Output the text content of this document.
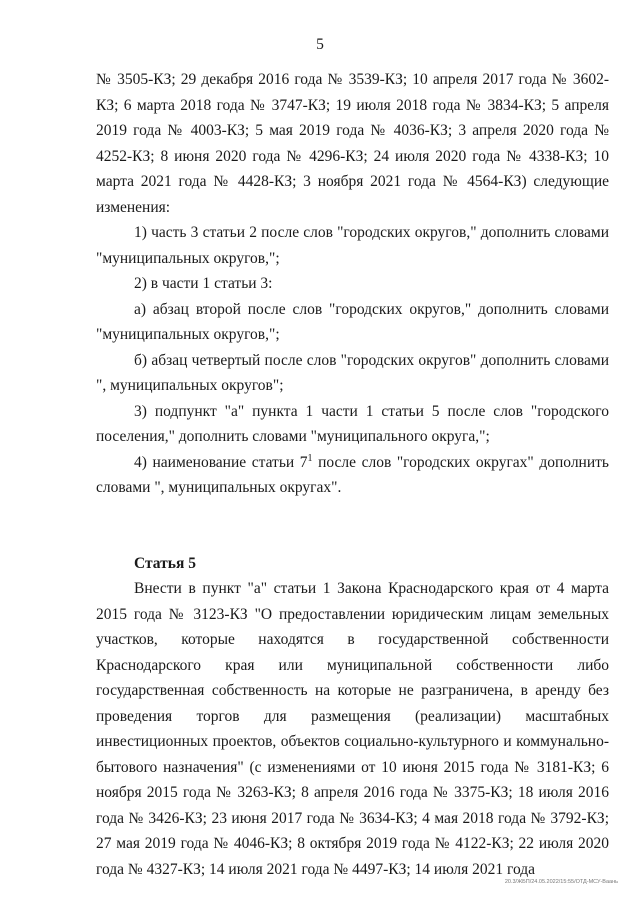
5

№ 3505-КЗ; 29 декабря 2016 года № 3539-КЗ; 10 апреля 2017 года № 3602-КЗ; 6 марта 2018 года № 3747-КЗ; 19 июля 2018 года № 3834-КЗ; 5 апреля 2019 года № 4003-КЗ; 5 мая 2019 года № 4036-КЗ; 3 апреля 2020 года № 4252-КЗ; 8 июня 2020 года № 4296-КЗ; 24 июля 2020 года № 4338-КЗ; 10 марта 2021 года № 4428-КЗ; 3 ноября 2021 года № 4564-КЗ) следующие изменения:

1) часть 3 статьи 2 после слов "городских округов," дополнить словами "муниципальных округов,";

2) в части 1 статьи 3:

а) абзац второй после слов "городских округов," дополнить словами "муниципальных округов,";

б) абзац четвертый после слов "городских округов" дополнить словами ", муниципальных округов";

3) подпункт "а" пункта 1 части 1 статьи 5 после слов "городского поселения," дополнить словами "муниципального округа,";

4) наименование статьи $7^1$ после слов "городских округах" дополнить словами ", муниципальных округах".

Статья 5

Внести в пункт "а" статьи 1 Закона Краснодарского края от 4 марта 2015 года № 3123-КЗ "О предоставлении юридическим лицам земельных участков, которые находятся в государственной собственности Краснодарского края или муниципальной собственности либо государственная собственность на которые не разграничена, в аренду без проведения торгов для размещения (реализации) масштабных инвестиционных проектов, объектов социально-культурного и коммунально-бытового назначения" (с изменениями от 10 июня 2015 года № 3181-КЗ; 6 ноября 2015 года № 3263-КЗ; 8 апреля 2016 года № 3375-КЗ; 18 июля 2016 года № 3426-КЗ; 23 июня 2017 года № 3634-КЗ; 4 мая 2018 года № 3792-КЗ; 27 мая 2019 года № 4046-КЗ; 8 октября 2019 года № 4122-КЗ; 22 июля 2020 года № 4327-КЗ; 14 июля 2021 года № 4497-КЗ; 14 июля 2021 года

20.3/ЖБП/24.05.2022/15:55/ОТД-МСУ-Ваань
